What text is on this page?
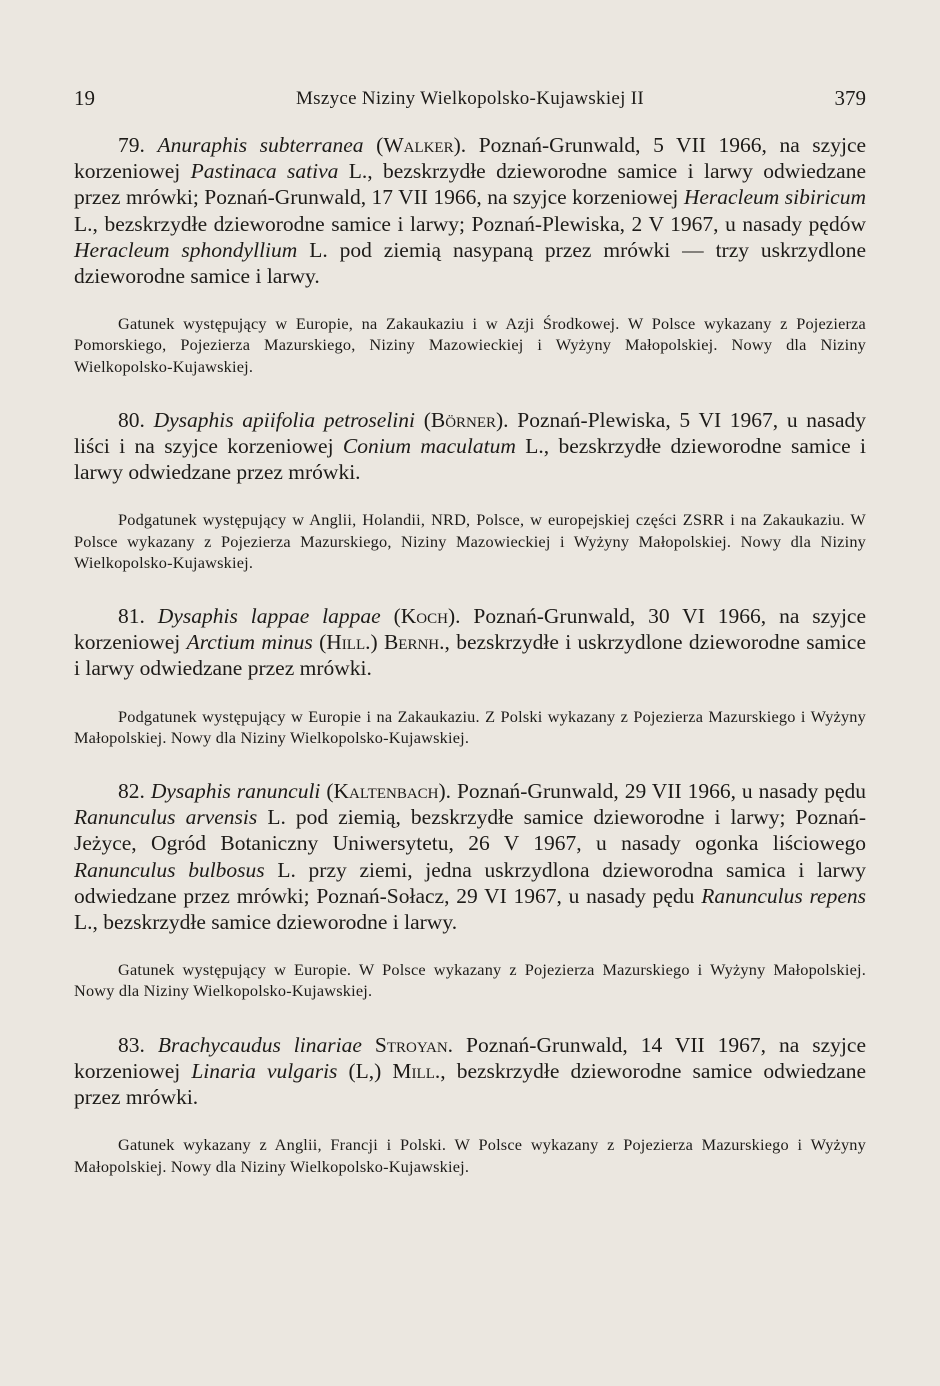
19	Mszyce Niziny Wielkopolsko-Kujawskiej II	379

79. Anuraphis subterranea (Walker). Poznań-Grunwald, 5 VII 1966, na szyjce korzeniowej Pastinaca sativa L., bezskrzydłe dzieworodne samice i larwy odwiedzane przez mrówki; Poznań-Grunwald, 17 VII 1966, na szyjce korzeniowej Heracleum sibiricum L., bezskrzydłe dzieworodne samice i larwy; Poznań-Plewiska, 2 V 1967, u nasady pędów Heracleum sphondyllium L. pod ziemią nasypaną przez mrówki — trzy uskrzydlone dzieworodne samice i larwy.

Gatunek występujący w Europie, na Zakaukaziu i w Azji Środkowej. W Polsce wykazany z Pojezierza Pomorskiego, Pojezierza Mazurskiego, Niziny Mazowieckiej i Wyżyny Małopolskiej. Nowy dla Niziny Wielkopolsko-Kujawskiej.

80. Dysaphis apiifolia petroselini (Börner). Poznań-Plewiska, 5 VI 1967, u nasady liści i na szyjce korzeniowej Conium maculatum L., bezskrzydłe dzieworodne samice i larwy odwiedzane przez mrówki.

Podgatunek występujący w Anglii, Holandii, NRD, Polsce, w europejskiej części ZSRR i na Zakaukaziu. W Polsce wykazany z Pojezierza Mazurskiego, Niziny Mazowieckiej i Wyżyny Małopolskiej. Nowy dla Niziny Wielkopolsko-Kujawskiej.

81. Dysaphis lappae lappae (Koch). Poznań-Grunwald, 30 VI 1966, na szyjce korzeniowej Arctium minus (Hill.) Bernh., bezskrzydłe i uskrzydlone dzieworodne samice i larwy odwiedzane przez mrówki.

Podgatunek występujący w Europie i na Zakaukaziu. Z Polski wykazany z Pojezierza Mazurskiego i Wyżyny Małopolskiej. Nowy dla Niziny Wielkopolsko-Kujawskiej.

82. Dysaphis ranunculi (Kaltenbach). Poznań-Grunwald, 29 VII 1966, u nasady pędu Ranunculus arvensis L. pod ziemią, bezskrzydłe samice dzieworodne i larwy; Poznań-Jeżyce, Ogród Botaniczny Uniwersytetu, 26 V 1967, u nasady ogonka liściowego Ranunculus bulbosus L. przy ziemi, jedna uskrzydlona dzieworodna samica i larwy odwiedzane przez mrówki; Poznań-Sołacz, 29 VI 1967, u nasady pędu Ranunculus repens L., bezskrzydłe samice dzieworodne i larwy.

Gatunek występujący w Europie. W Polsce wykazany z Pojezierza Mazurskiego i Wyżyny Małopolskiej. Nowy dla Niziny Wielkopolsko-Kujawskiej.

83. Brachycaudus linariae Stroyan. Poznań-Grunwald, 14 VII 1967, na szyjce korzeniowej Linaria vulgaris (L,) Mill., bezskrzydłe dzieworodne samice odwiedzane przez mrówki.

Gatunek wykazany z Anglii, Francji i Polski. W Polsce wykazany z Pojezierza Mazurskiego i Wyżyny Małopolskiej. Nowy dla Niziny Wielkopolsko-Kujawskiej.
